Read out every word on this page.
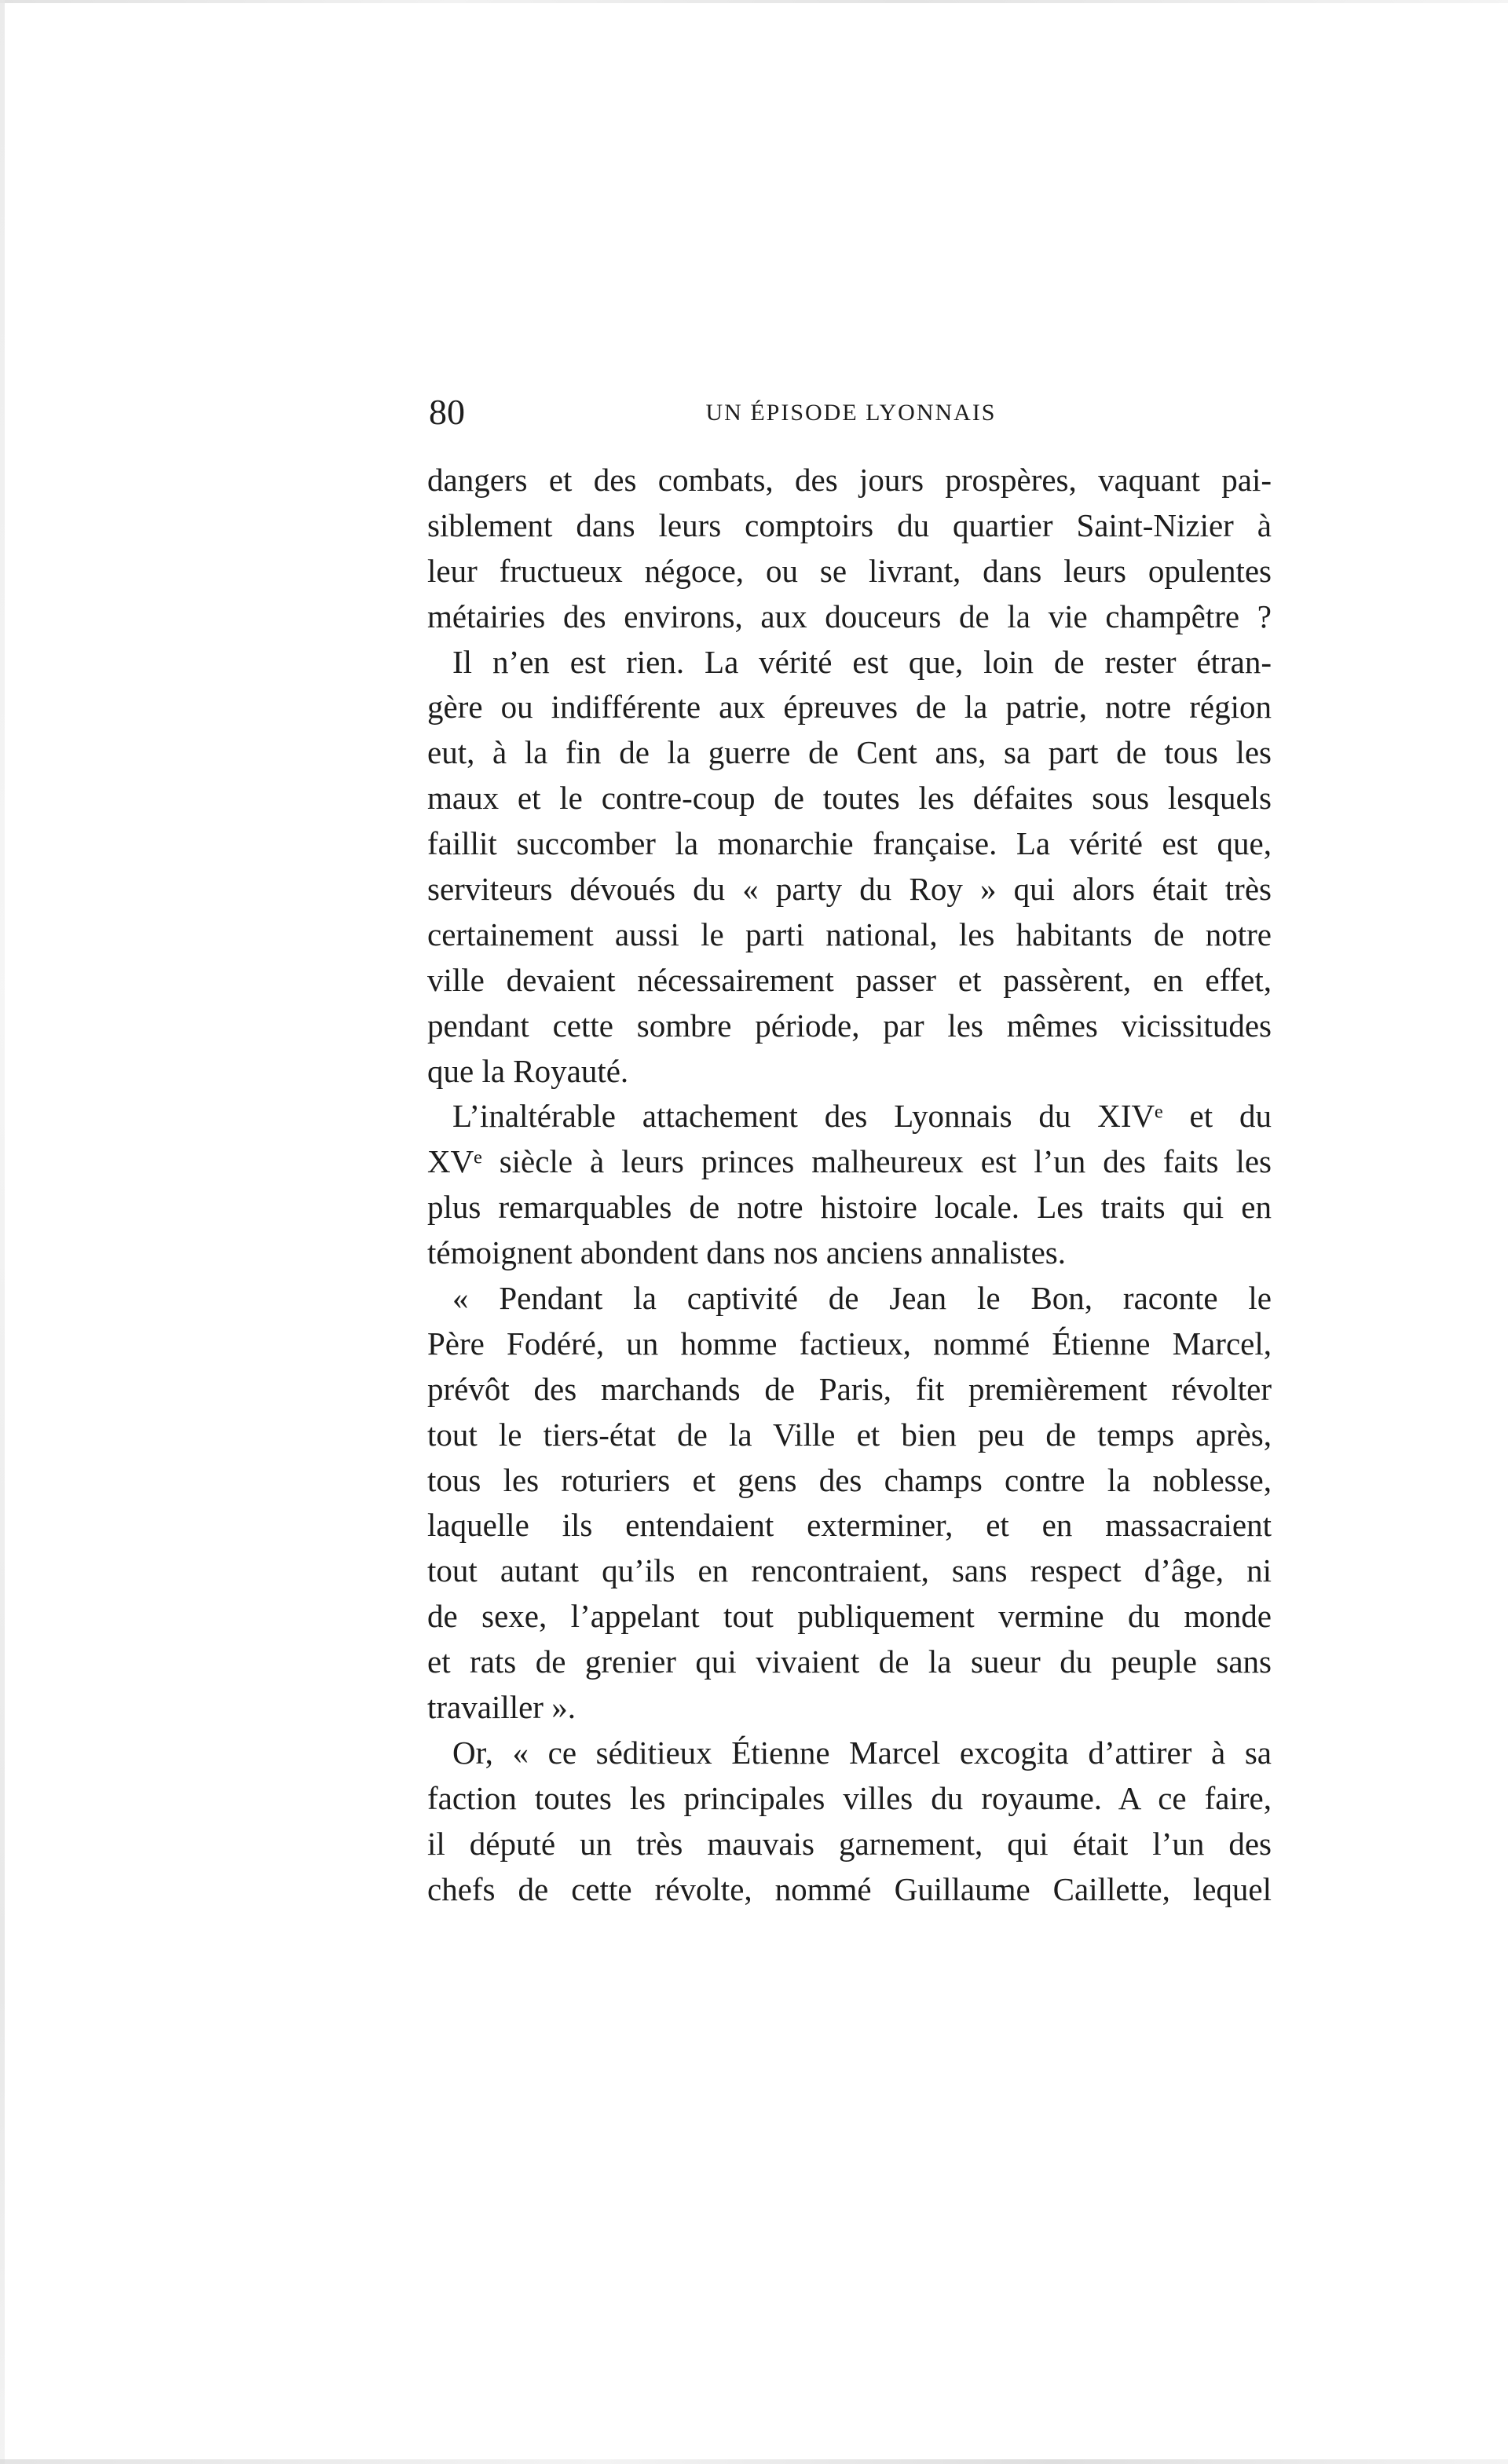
80	UN ÉPISODE LYONNAIS
dangers et des combats, des jours prospères, vaquant pai-
siblement dans leurs comptoirs du quartier Saint-Nizier à
leur fructueux négoce, ou se livrant, dans leurs opulentes
métairies des environs, aux douceurs de la vie champêtre ?
Il n’en est rien. La vérité est que, loin de rester étran-
gère ou indifférente aux épreuves de la patrie, notre région
eut, à la fin de la guerre de Cent ans, sa part de tous les
maux et le contre-coup de toutes les défaites sous lesquels
faillit succomber la monarchie française. La vérité est que,
serviteurs dévoués du « party du Roy » qui alors était très
certainement aussi le parti national, les habitants de notre
ville devaient nécessairement passer et passèrent, en effet,
pendant cette sombre période, par les mêmes vicissitudes
que la Royauté.
L’inaltérable attachement des Lyonnais du XIVᵉ et du
XVᵉ siècle à leurs princes malheureux est l’un des faits les
plus remarquables de notre histoire locale. Les traits qui en
témoignent abondent dans nos anciens annalistes.
« Pendant la captivité de Jean le Bon, raconte le
Père Fodéré, un homme factieux, nommé Étienne Marcel,
prévôt des marchands de Paris, fit premièrement révolter
tout le tiers-état de la Ville et bien peu de temps après,
tous les roturiers et gens des champs contre la noblesse,
laquelle ils entendaient exterminer, et en massacraient
tout autant qu’ils en rencontraient, sans respect d’âge, ni
de sexe, l’appelant tout publiquement vermine du monde
et rats de grenier qui vivaient de la sueur du peuple sans
travailler ».
Or, « ce séditieux Étienne Marcel excogita d’attirer à sa
faction toutes les principales villes du royaume. A ce faire,
il député un très mauvais garnement, qui était l’un des
chefs de cette révolte, nommé Guillaume Caillette, lequel
